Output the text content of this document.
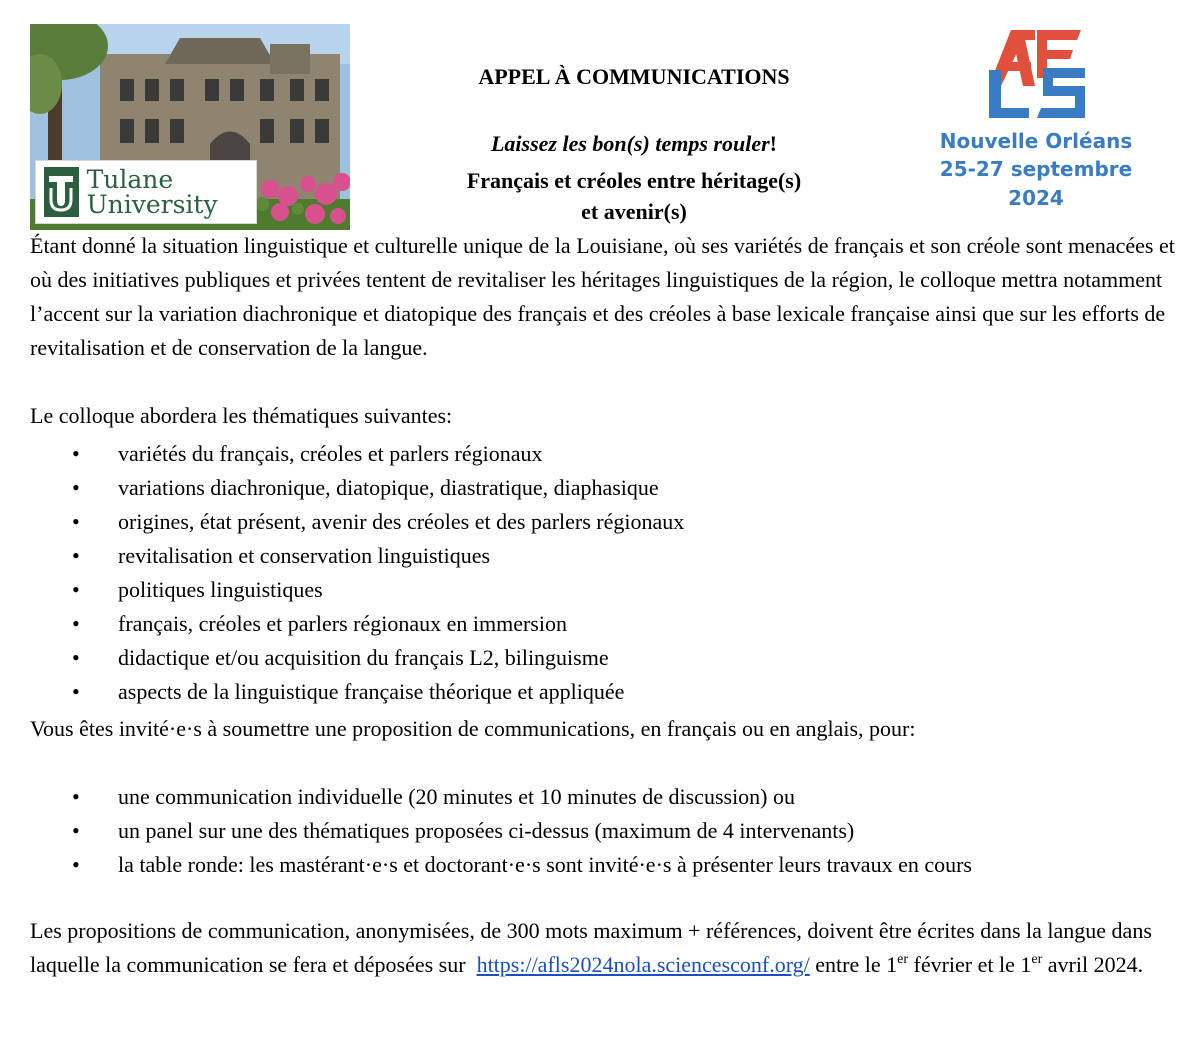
Tulane University
APPEL À COMMUNICATIONS
Laissez les bon(s) temps rouler!
Français et créoles entre héritage(s)
et avenir(s)
Nouvelle Orléans
25-27 septembre
2024

Étant donné la situation linguistique et culturelle unique de la Louisiane, où ses variétés de français et son créole sont menacées et où des initiatives publiques et privées tentent de revitaliser les héritages linguistiques de la région, le colloque mettra notamment l’accent sur la variation diachronique et diatopique des français et des créoles à base lexicale française ainsi que sur les efforts de revitalisation et de conservation de la langue.

Le colloque abordera les thématiques suivantes:

• variétés du français, créoles et parlers régionaux
• variations diachronique, diatopique, diastratique, diaphasique
• origines, état présent, avenir des créoles et des parlers régionaux
• revitalisation et conservation linguistiques
• politiques linguistiques
• français, créoles et parlers régionaux en immersion
• didactique et/ou acquisition du français L2, bilinguisme
• aspects de la linguistique française théorique et appliquée

Vous êtes invité·e·s à soumettre une proposition de communications, en français ou en anglais, pour:

• une communication individuelle (20 minutes et 10 minutes de discussion) ou
• un panel sur une des thématiques proposées ci-dessus (maximum de 4 intervenants)
• la table ronde: les mastérant·e·s et doctorant·e·s sont invité·e·s à présenter leurs travaux en cours

Les propositions de communication, anonymisées, de 300 mots maximum + références, doivent être écrites dans la langue dans laquelle la communication se fera et déposées sur https://afls2024nola.sciencesconf.org/ entre le 1er février et le 1er avril 2024.
